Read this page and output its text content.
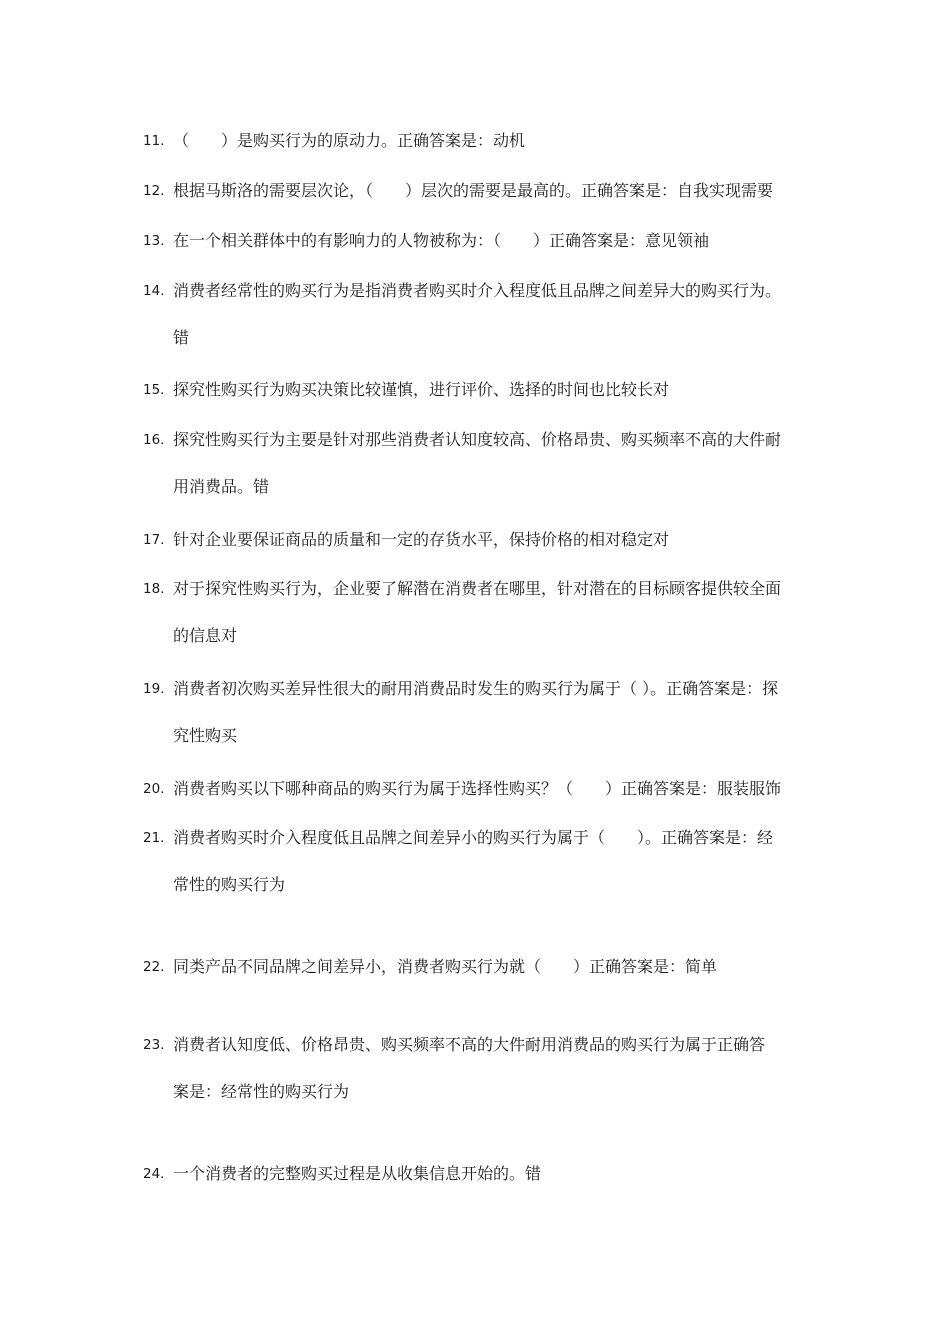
11. （　　）是购买行为的原动力。正确答案是：动机
12. 根据马斯洛的需要层次论，（　　）层次的需要是最高的。正确答案是：自我实现需要
13. 在一个相关群体中的有影响力的人物被称为：（　　）正确答案是：意见领袖
14. 消费者经常性的购买行为是指消费者购买时介入程度低且品牌之间差异大的购买行为。
错
15. 探究性购买行为购买决策比较谨慎，进行评价、选择的时间也比较长对
16. 探究性购买行为主要是针对那些消费者认知度较高、价格昂贵、购买频率不高的大件耐
用消费品。错
17. 针对企业要保证商品的质量和一定的存货水平，保持价格的相对稳定对
18. 对于探究性购买行为，企业要了解潜在消费者在哪里，针对潜在的目标顾客提供较全面
的信息对
19. 消费者初次购买差异性很大的耐用消费品时发生的购买行为属于（ ）。正确答案是：探
究性购买
20. 消费者购买以下哪种商品的购买行为属于选择性购买？（　　）正确答案是：服装服饰
21. 消费者购买时介入程度低且品牌之间差异小的购买行为属于（　　）。正确答案是：经
常性的购买行为
22. 同类产品不同品牌之间差异小，消费者购买行为就（　　）正确答案是：简单
23. 消费者认知度低、价格昂贵、购买频率不高的大件耐用消费品的购买行为属于正确答
案是：经常性的购买行为
24. 一个消费者的完整购买过程是从收集信息开始的。错
